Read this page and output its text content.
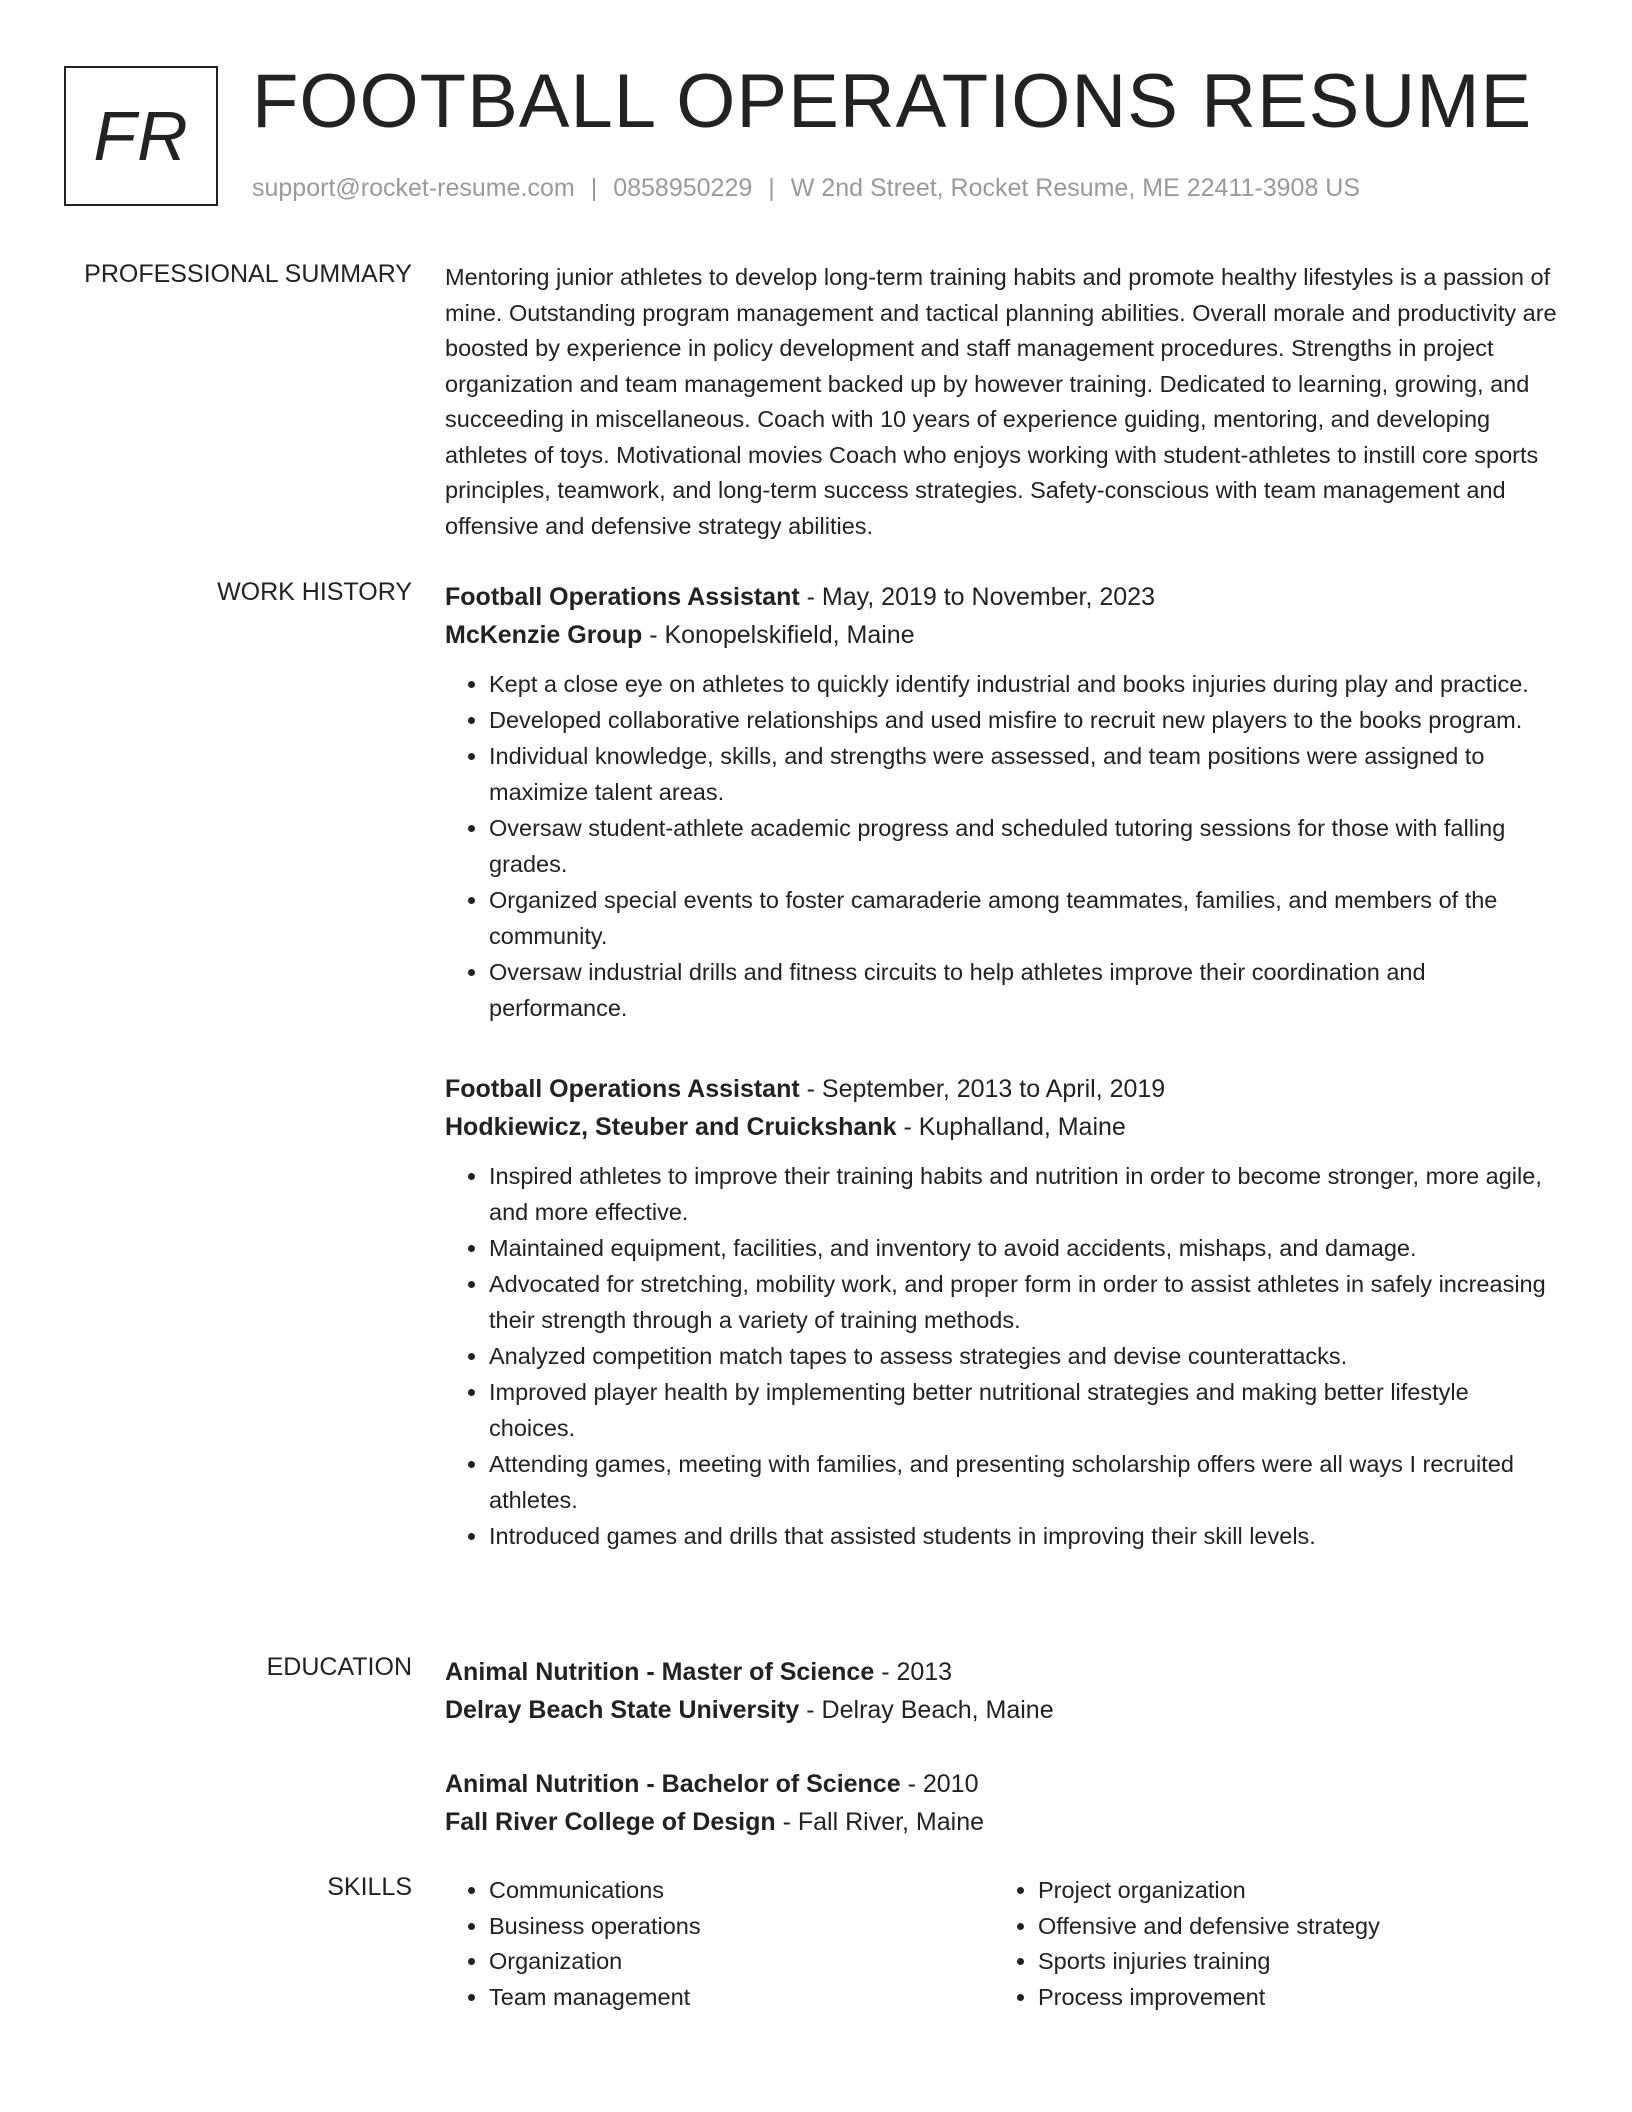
FR FOOTBALL OPERATIONS RESUME
support@rocket-resume.com | 0858950229 | W 2nd Street, Rocket Resume, ME 22411-3908 US
PROFESSIONAL SUMMARY Mentoring junior athletes to develop long-term training habits and promote healthy lifestyles is a passion of mine. Outstanding program management and tactical planning abilities. Overall morale and productivity are boosted by experience in policy development and staff management procedures. Strengths in project organization and team management backed up by however training. Dedicated to learning, growing, and succeeding in miscellaneous. Coach with 10 years of experience guiding, mentoring, and developing athletes of toys. Motivational movies Coach who enjoys working with student-athletes to instill core sports principles, teamwork, and long-term success strategies. Safety-conscious with team management and offensive and defensive strategy abilities.

WORK HISTORY Football Operations Assistant - May, 2019 to November, 2023
McKenzie Group - Konopelskifield, Maine
• Kept a close eye on athletes to quickly identify industrial and books injuries during play and practice.
• Developed collaborative relationships and used misfire to recruit new players to the books program.
• Individual knowledge, skills, and strengths were assessed, and team positions were assigned to maximize talent areas.
• Oversaw student-athlete academic progress and scheduled tutoring sessions for those with falling grades.
• Organized special events to foster camaraderie among teammates, families, and members of the community.
• Oversaw industrial drills and fitness circuits to help athletes improve their coordination and performance.
Football Operations Assistant - September, 2013 to April, 2019
Hodkiewicz, Steuber and Cruickshank - Kuphalland, Maine
• Inspired athletes to improve their training habits and nutrition in order to become stronger, more agile, and more effective.
• Maintained equipment, facilities, and inventory to avoid accidents, mishaps, and damage.
• Advocated for stretching, mobility work, and proper form in order to assist athletes in safely increasing their strength through a variety of training methods.
• Analyzed competition match tapes to assess strategies and devise counterattacks.
• Improved player health by implementing better nutritional strategies and making better lifestyle choices.
• Attending games, meeting with families, and presenting scholarship offers were all ways I recruited athletes.
• Introduced games and drills that assisted students in improving their skill levels.
EDUCATION Animal Nutrition - Master of Science - 2013
Delray Beach State University - Delray Beach, Maine
Animal Nutrition - Bachelor of Science - 2010
Fall River College of Design - Fall River, Maine
SKILLS
•	Communications
• Business operations
• Organization
• Team management
• Project organization
• Offensive and defensive strategy
• Sports injuries training
• Process improvement
